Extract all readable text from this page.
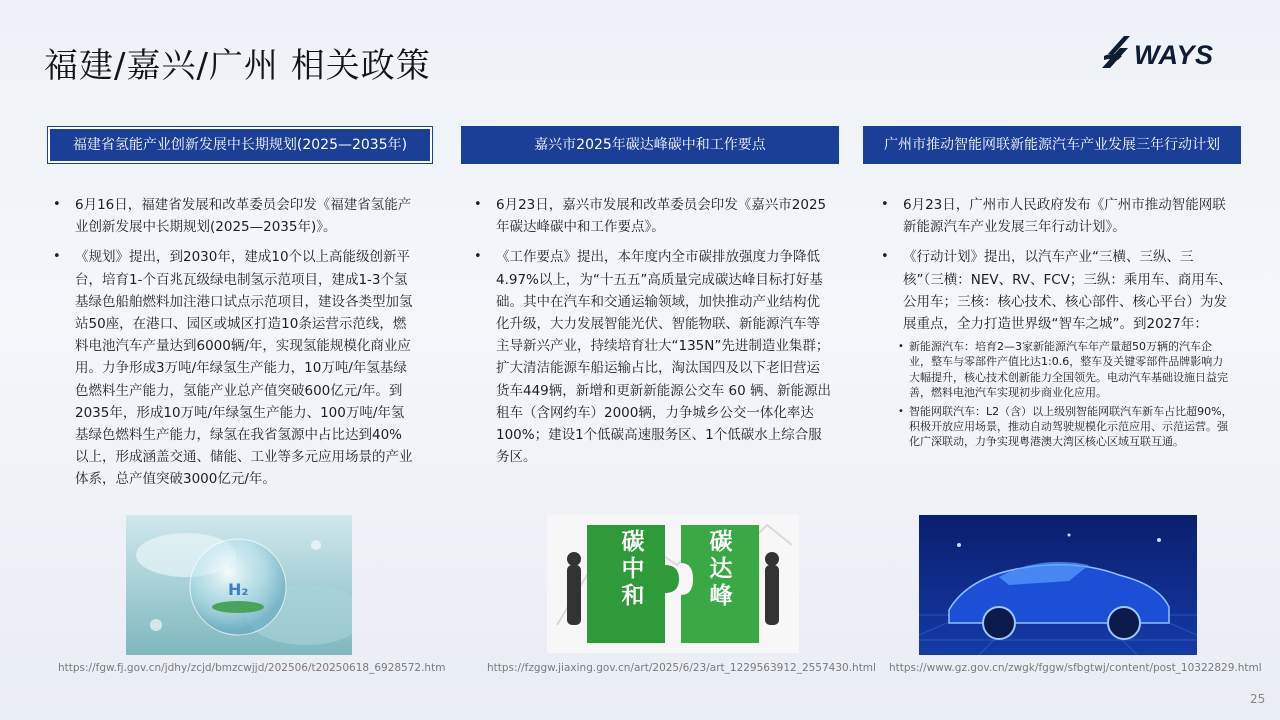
福建/嘉兴/广州 相关政策	WAYS
福建省氢能产业创新发展中长期规划(2025—2035年)
• 6月16日，福建省发展和改革委员会印发《福建省氢能产业创新发展中长期规划(2025—2035年)》。
• 《规划》提出，到2030年，建成10个以上高能级创新平台，培育1-个百兆瓦级绿电制氢示范项目，建成1-3个氢基绿色船舶燃料加注港口试点示范项目，建设各类型加氢站50座，在港口、园区或城区打造10条运营示范线，燃料电池汽车产量达到6000辆/年，实现氢能规模化商业应用。力争形成3万吨/年绿氢生产能力，10万吨/年氢基绿色燃料生产能力，氢能产业总产值突破600亿元/年。到2035年，形成10万吨/年绿氢生产能力、100万吨/年氢基绿色燃料生产能力，绿氢在我省氢源中占比达到40%以上，形成涵盖交通、储能、工业等多元应用场景的产业体系，总产值突破3000亿元/年。
H₂
https://fgw.fj.gov.cn/jdhy/zcjd/bmzcwjjd/202506/t20250618_6928572.htm
嘉兴市2025年碳达峰碳中和工作要点
• 6月23日，嘉兴市发展和改革委员会印发《嘉兴市2025年碳达峰碳中和工作要点》。
• 《工作要点》提出，本年度内全市碳排放强度力争降低4.97%以上，为“十五五”高质量完成碳达峰目标打好基础。其中在汽车和交通运输领域，加快推动产业结构优化升级，大力发展智能光伏、智能物联、新能源汽车等主导新兴产业，持续培育壮大“135N”先进制造业集群；扩大清洁能源车船运输占比，淘汰国四及以下老旧营运货车449辆，新增和更新新能源公交车 60 辆、新能源出租车（含网约车）2000辆，力争城乡公交一体化率达 100%；建设1个低碳高速服务区、1个低碳水上综合服务区。
碳
中
和
碳
达
峰
https://fzggw.jiaxing.gov.cn/art/2025/6/23/art_1229563912_2557430.html
广州市推动智能网联新能源汽车产业发展三年行动计划
• 6月23日，广州市人民政府发布《广州市推动智能网联新能源汽车产业发展三年行动计划》。
• 《行动计划》提出，以汽车产业“三横、三纵、三核”（三横：NEV、RV、FCV；三纵：乘用车、商用车、公用车；三核：核心技术、核心部件、核心平台）为发展重点，全力打造世界级“智车之城”。到2027年：
• 新能源汽车：培育2—3家新能源汽车年产量超50万辆的汽车企业，整车与零部件产值比达1:0.6，整车及关键零部件品牌影响力大幅提升，核心技术创新能力全国领先。电动汽车基础设施日益完善，燃料电池汽车实现初步商业化应用。
• 智能网联汽车：L2（含）以上级别智能网联汽车新车占比超90%，积极开放应用场景，推动自动驾驶规模化示范应用、示范运营。强化广深联动，力争实现粤港澳大湾区核心区域互联互通。
https://www.gz.gov.cn/zwgk/fggw/sfbgtwj/content/post_10322829.html
25
